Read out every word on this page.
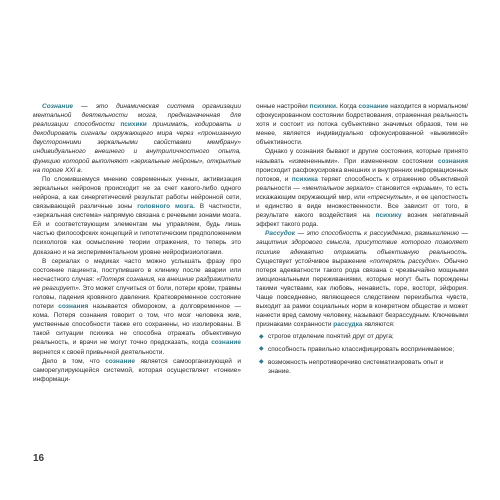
Сознание — это динамическая система организации ментальной деятельности мозга, предназначенная для реализации способности психики принимать, кодировать и декодировать сигналы окружающего мира через «пронизанную двусторонними зеркальными свойствами мембрану» индивидуального внешнего и внутриличностного опыта, функцию которой выполняют «зеркальные нейроны», открытые на пороге XXI в.

По сложившемуся мнению современных ученых, активизация зеркальных нейронов происходит не за счет какого-либо одного нейрона, а как синергетический результат работы нейронной сети, связывающей различные зоны головного мозга. В частности, «зеркальная система» напрямую связана с речевыми зонами мозга. Ей и соответствующим элементам мы управляем, будь лишь частью философских концепций и гипотетическим предположением психологов как осмысление теории отражения, то теперь это доказано и на экспериментальном уровне нейрофизиологами.

В сериалах о медиках часто можно услышать фразу про состояние пациента, поступившего в клинику после аварии или несчастного случая: «Потеря сознания, на внешние раздражители не реагирует». Это может случиться от боли, потери крови, травмы головы, падения кровяного давления. Кратковременное состояние потери сознания называется обмороком, а долговременное — кома. Потеря сознания говорит о том, что мозг человека жив, умственные способности также его сохранены, но изолированы. В такой ситуации психика не способна отражать объективную реальность, и врачи не могут точно предсказать, когда сознание вернется к своей привычной деятельности.

Дело в том, что сознание является самоорганизующей и саморегулирующейся системой, которая осуществляет «тонкие» информаци-

онные настройки психики. Когда сознание находится в нормальном/сфокусированном состоянии бодрствования, отраженная реальность хотя и состоит из потока субъективно значимых образов, тем не менее, является индивидуально сфокусированной «выжимкой» объективности.

Однако у сознания бывают и другие состояния, которые принято называть «измененными». При измененном состоянии сознания происходит расфокусировка внешних и внутренних информационных потоков, и психика теряет способность к отражению объективной реальности — «ментальное зеркало» становится «кривым», то есть искажающим окружающий мир, или «треснутым», и ее целостность и единство в виде множественности. Все зависит от того, в результате какого воздействия на психику возник негативный эффект такого рода.

Рассудок — это способность к рассуждению, размышлению — защитник здорового смысла, присутствие которого позволяет психике адекватно отражать объективную реальность. Существует устойчивое выражение «потерять рассудок». Обычно потеря адекватности такого рода связана с чрезвычайно мощными эмоциональными переживаниями, которые могут быть порождены такими чувствами, как любовь, ненависть, горе, восторг, эйфория. Чаще повседневно, являющееся следствием переизбытка чувств, выходит за рамки социальных норм в конкретном обществе и может нанести вред самому человеку, называют безрассудным. Ключевыми признаками сохранности рассудка являются:

◆ строгое отделение понятий друг от друга;
◆ способность правильно классифицировать воспринимаемое;
◆ возможность непротиворечиво систематизировать опыт и знание.
16
